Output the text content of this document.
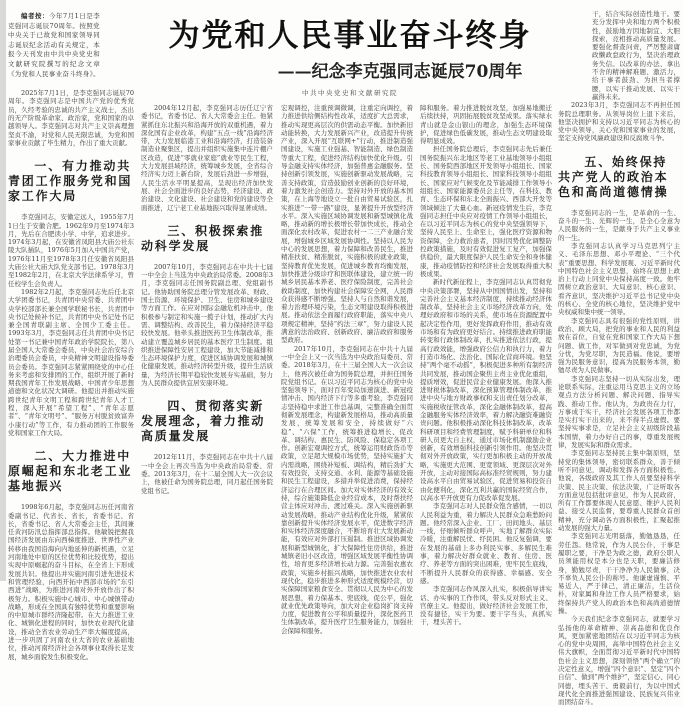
为党和人民事业奋斗终身
——纪念李克强同志诞辰70周年
中共中央党史和文献研究院
编者按：今年7月1日是李克强同志诞辰70周年。按照党中央关于已故党和国家领导同志诞辰纪念活动有关规定，本报今天刊发由中共中央党史和文献研究院撰写的纪念文章《为党和人民事业奋斗终身》。

2025年7月1日，是李克强同志诞辰70周年。李克强同志是中国共产党的优秀党员，久经考验的忠诚的共产主义战士，杰出的无产阶级革命家、政治家，党和国家的卓越领导人。李克强同志对共产主义崇高理想坚贞不渝，对党和人民无限忠诚，为党和国家事业贡献了毕生精力，作出了重大贡献。

一、有力推动共青团工作服务党和国家工作大局

李克强同志，安徽定远人，1955年7月1日生于安徽合肥。1962年9月至1974年3月，先后在合肥读小学、中学，追求进步。1974年3月起，在安徽省凤阳县大庙公社东陵大队插队，1976年5月加入中国共产党，1976年11月至1978年3月任安徽省凤阳县大庙公社大庙大队党支部书记。1978年3月至1982年2月，在北京大学法律系学习，曾任校学生会负责人。

1982年2月起，李克强同志先后任北京大学团委书记，共青团中央常委、共青团中央学校部部长兼全国学联秘书长，共青团中央书记处候补书记，共青团中央书记处书记兼全国青联副主席、全国少工委主任。1993年3月，李克强同志任共青团中央书记处第一书记兼中国青年政治学院院长，第八届全国人大常委会委员，中央社会治安综合治理委员会委员，中央精神文明建设指导委员会委员。李克强同志紧紧围绕党的中心任务来考虑和安排团的工作，组织开展了新时期我国青年工作发展战略、中国青少年思想道德和文化状况大调研。他提出并推动实施跨世纪青年文明工程和跨世纪青年人才工程，深入开展“希望工程”、“青年志愿者”、“青年文明号”、“服务万村脱贫致富奔小康行动”等工作，有力推动团的工作服务党和国家工作大局。

二、大力推进中原崛起和东北老工业基地振兴

1998年6月起，李克强同志历任河南省委副书记、代省长、省长，省委书记、省长，省委书记、省人大常委会主任，其间兼任黄河防汛总指挥部总指挥。他敏锐把握我国经济发展由东向西梯度推进、世界性产业转移由我国沿海向内地延伸的新机遇，立足河南地处中原的区位优势和比较优势，提出实现中原崛起的奋斗目标，在全省上下形成发展共识。他提出并实施河南引进先进技术和管理经验，向西开拓中西部市场的“东引西进”战略，为推进河南对外开放作出了积极努力。积极实施中心城市、中心城镇带动战略，形成在全国具有独特优势和重要影响的中原城市群经济隆起带。在大力推进工业化、城镇化进程的同时，加快农业现代化建设，推动全省农业劳动生产率大幅度提高，进一步巩固了河南农业大省的农业基础地位，推动河南经济社会各项事业取得长足发展，城乡面貌发生积极变化。

2004年12月起，李克强同志历任辽宁省委书记，省委书记、省人大常委会主任。他紧紧抓住东北振兴和沿海开放的双重机遇，着力深化国有企业改革，构建“五点一线”沿海经济带，大力发展临港工业和沿海经济，打造装备制造业聚集区，提出并组织实施集中连片棚户区改造，促进“零就业家庭”就业等民生工程，大力发展县域经济，统筹城乡发展，全省综合经济实力迈上新台阶，发展后劲进一步增强，人民生活水平明显提高，呈现出经济加快发展、社会全面进步的良好态势，经济建设、政治建设、文化建设、社会建设和党的建设等全面推进，辽宁老工业基地振兴取得显著成绩。

三、积极探索推动科学发展

2007年10月，李克强同志在中共十七届一中全会上当选为中央政治局常委。2008年3月，李克强同志任国务院副总理、党组副书记。他协助国务院总理分管发展改革、财政、国土资源、环境保护、卫生、住房和城乡建设等方面工作。在应对国际金融危机冲击中，他积极参与制定和实施一揽子计划，推动扩大内需、调整结构、改善民生，着力保持经济平稳较快发展。他牵头推进医药卫生体制改革，推动建立覆盖城乡居民的基本医疗卫生制度。组织推进保障性安居工程建设，加大节能减排和生态环境保护力度，促进区域协调发展和城镇化健康发展，推动经济转型升级，提升生活质量，为经济长期平稳较快发展夯实基础，努力为人民群众提供宜居安康环境。

四、贯彻落实新发展理念，着力推动高质量发展

2012年11月，李克强同志在中共十八届一中全会上再次当选为中央政治局常委、常委。2013年3月，在十二届全国人大一次会议上，他被任命为国务院总理，同月起任国务院党组书记。

宏观调控，注重预调微调，注重定向调控，着力推进供给侧结构性改革，适度扩大总需求，推动实现更高层次的供需动态平衡。加快新旧动能转换，大力发展新兴产业，改造提升传统产业，深入开展“互联网+”行动，推进制造强国建设，实施工业强基、智能制造、绿色制造等重大工程，促进经济结构加快优化升级。引导金融支持实体经济，加强普惠金融服务。坚持创新引领发展，实施创新驱动发展战略，完善支持政策，营造鼓励创业创新的良好环境，着力激发社会创造力。坚持对外开放的基本国策，在上海等地设立一批自由贸易试验区，扎实推进“一带一路”建设，显著提升开放型经济水平。深入实施区域协调发展和新型城镇化战略，推动新的增长极增长带加快成长，推动全面深化农村改革，促进农村一二三产业融合发展，增强城乡区域发展协调性。坚持以人民为中心的发展思想，着力保障和改善民生，推进精准扶贫、精准脱贫，实施积极的就业政策，坚持教育优先发展，促进城乡教育均衡发展，加快推进分级诊疗和医联体建设，建立统一的城乡居民基本养老、医疗保险制度，完善社会救助制度，加快构建社会保障安全网，人民群众获得感不断增强。坚持人与自然和谐发展，着力治理环境污染，生态文明建设取得积极进展。推动依法全面履行政府职能，落实中央八项规定精神，坚持“约法三章”，努力建设人民满意的法治政府、创新政府、廉洁政府和服务型政府。

2017年10月，李克强同志在中共十九届一中全会上又一次当选为中央政治局委员、常委。2018年3月，在十三届全国人大一次会议上，他再次被任命为国务院总理，并担任国务院党组书记。在以习近平同志为核心的党中央坚强领导下，面对百年变局加速演进、新冠疫情冲击、国内经济下行等多重考验，李克强同志坚持稳中求进工作总基调，完整准确全面贯彻新发展理念，构建新发展格局，推动高质量发展，统筹发展和安全，持续做好“六稳”、“六保”工作，统筹推进稳增长、促改革、调结构、惠民生、防风险、保稳定各项工作。创新宏观调控方式，统筹运用财政货币等政策，立足超大规模市场优势，坚持实施扩大内需战略，围绕补短板、调结构，精后劲扩大有效投资，支持交通、水利、能源等基础设施和民生工程建设，多措并举促进消费，保持经济运行在合理区间。加大对实体经济的有效支持，综合施策降低企业经营成本，及时帮扶经营主体应对冲击、渡过难关。深入实施创新驱动发展战略，推动产业结构优化升级，紧紧依靠创新提升实体经济发展水平，促进数字经济和实体经济深度融合，不断培育壮大发展新动能，有效应对外部打压遏制。推进区域协调发展和新型城镇化，扩大保障性住房供给，推进城镇老旧小区改造，增强区域发展平衡性协调性，培育更多经济增长动力源。完善强农惠农政策，实施乡村振兴战略，加快推进农业农村现代化，稳步推进多种形式适度规模经营，切实保障国家粮食安全。贯彻以人民为中心的发展思想，着力保基本、兜底线，促公平，强化就业优先政策导向，加大对企业稳岗扩岗支持力度，促进教育公平和质量提升，深化医药卫生体制改革，提升医疗卫生服务能力，加强社会保障和服务。

障和服务。着力推进脱贫攻坚，加强易地搬迁后续扶持，巩固拓展脱贫攻坚成果。落实绿水青山就是金山银山的理念，加强生态环境保护，促进绿色低碳发展，推动生态文明建设取得明显成效。

担任国务院总理后，李克强同志先后兼任国务院振兴东北地区等老工业基地领导小组组长、国务院西部地区开发领导小组组长、国家科技教育领导小组组长、国家科技领导小组组长、国家应对气候变化及节能减排工作领导小组组长、国家能源委员会主任等，在科技、教育、生态环保和东北全面振兴、西部大开发等领域倾注了大量心血。新冠疫情发生后，李克强同志担任中央应对疫情工作领导小组组长，在以习近平同志为核心的党中央坚强领导下，坚持人民至上、生命至上，强化医疗资源和物资保障，全力救治患者，因时因势优化调整防控政策措施，及时有效促进复工复产，加强保供稳价，最大限度保护人民生命安全和身体健康，推动疫情防控和经济社会发展取得重大积极成果。

新时代新征程上，李克强同志认真贯彻党中央决策部署，坚持从中国国情出发，坚持和完善社会主义基本经济制度，持续推动经济体制改革，坚持社会主义市场经济改革方向，处理好政府和市场的关系，使市场在资源配置中起决定性作用，更好发挥政府作用，推动有效市场和有为政府更好结合。持续推进政府职能转变和行政体制改革，扎实推进依法行政，提高行政效能，增强政府公信力和执行力，着力打造市场化、法治化、国际化营商环境。他坚持“两个毫不动摇”，积极促进多种所有制经济共同发展，推动国企聚焦主责主业优化重组，提质增效，促进民营企业健康发展。他深入推进财税体制改革，深化预算管理体制改革，推进中央与地方财政事权和支出责任划分改革，实施税收征管改革，深化金融体制改革，提高金融服务实体经济效率，着力解决融资难融资贵问题。他积极推动深化科技体制改革，改革科研项目和经费管理制度，赋予科研单位和科研人员更大自主权，通过市场化机制激励企业创新，有效增强科技创新引领作用。他坚决贯彻对外开放政策，实行更加积极主动的开放战略，实施更大范围、更宽领域、更深层次对外开放，主动对接国际高标准经贸规则，努力建设高水平自由贸易试验区，促进贸易和投资自由化便利化，深化互利共赢的国际经贸合作，以高水平开放更有力促改革促发展。

李克强同志对人民群众饱含感情，一切以人民利益为重，着力解决人民群众急难愁盼问题。他经常深入企业、工厂、田间地头、基层一线，仔细倾听群众呼声，实地了解群众实际冷暖，注重解民忧、纾民困。他反复强调，要在发展的基础上多办利民实事、多解民生难事，着力解决好群众就业、教育、住房、医疗、养老等方面的突出困难，兜牢民生底线，不断提升人民群众的获得感、幸福感、安全感。

李克强同志作风深入扎实，积极倡导讲实话、办实事的工作作风，带头反对形式主义、官僚主义。他提出，做好经济社会发展工作，没有捷径，实干为要。要干字当头，真抓实干，埋头苦干。

干，结合实际创造性地干。要充分发挥中央和地方两个积极性，鼓励地方因地制宜、大胆探索，竞相推动高质量发展。要强化督查问责，严厉整肃庸政懒政怠政行为，坚决治理政务失信。以改革的办法、拿出不舍的精神解难题、激活力，给干事者鼓劲、为担当者撑腰，以实干推动发展、以实干赢得未来。

2023年3月，李克强同志不再担任国务院总理职务。从领导岗位上退下来后，他坚决拥护和支持以习近平同志为核心的党中央领导，关心党和国家事业的发展，坚定支持党风廉政建设和反腐败斗争。

五、始终保持共产党人的政治本色和高尚道德情操

李克强同志的一生，是革命的一生、奋斗的一生、光辉的一生，是全心全意为人民服务的一生，是献身于共产主义事业的一生。

李克强同志认真学习马克思列宁主义、毛泽东思想、邓小平理论、“三个代表”重要思想、科学发展观、习近平新时代中国特色社会主义思想，始终在思想上政治上行动上同党中央保持高度一致。他牢固树立政治意识、大局意识、核心意识、看齐意识，坚决维护习近平总书记党中央的核心、全党的核心地位，坚决维护党中央权威和集中统一领导。

李克强同志具有很强的党性原则，讲政治、顾大局，把党的事业和人民的利益放在首位，自觉在党和国家工作大局下想问题、做工作，对军做到对党忠诚，为党分忧，为党尽职，为民造福。他说，要增强为民服务意识，提高为民服务本领，勤勉尽责为人民做事。

李克强同志坚持一切从实际出发，理论联系实际，注重运用马克思主义的立场观点方法分析问题、解决问题、指导实践、推动工作。他认为，为政贵在力行，万事成于实干，经济社会发展各项工作都是实打实干出来的，来不得半点虚假。要坚持实事求是，立足社会主义初级阶段基本国情，着力办好自己的事，尊重发展规律，发展实际和群众需求。

李克强同志坚持民主集中制原则，坚持党的集体领导，密切联系群众，善于倾听不同意见，调动和发挥各方面积极性。他说，各级政府及其工作人员要坚持科学决策、民主决策、依法决策，广泛听取各方面意见包括批评意见，作为人民政府，所有工作都要体现人民意愿、维护人民利益、接受人民监督，要尊重人民群众首创精神，充分调动各方面积极性，汇聚起推动发展的强大力量。

李克强同志光明磊落，勤勉恳恳，任劳任怨。他常说，作为人民公仆，干事是履职之要，干净是为政之德，政府公职人员须能用权是本分也是天职，要廉洁修身，勤勉尽责，干干净净为人民做事，决不辜负人民公仆的称号。他谦虚谨慎、平易近人，严于律己，清正廉洁，生活俭朴，对家属和身边工作人员严格要求，始终保持共产党人的政治本色和高尚道德情操。

今天我们纪念李克强同志，就要学习弘扬他的革命精神、崇高品德和优良作风，更加紧密地团结在以习近平同志为核心的党中央周围，高举中国特色社会主义伟大旗帜，全面贯彻习近平新时代中国特色社会主义思想，深刻领悟“两个确立”的决定性意义，增强“四个意识”、坚定“四个自信”、做到“两个维护”，坚定信心、同心同德，埋头苦干、勇毅前行，为以中国式现代化全面推进强国建设、民族复兴伟业而团结奋斗。
